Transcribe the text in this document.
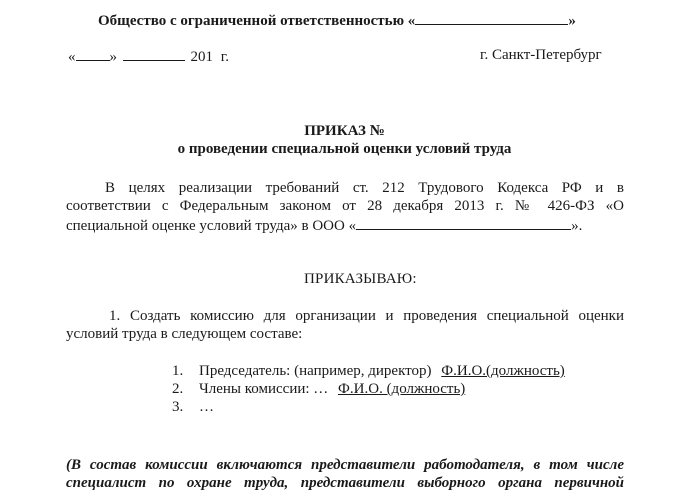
Общество с ограниченной ответственностью «	»
« »	201 г.	г. Санкт-Петербург
ПРИКАЗ №
о проведении специальной оценки условий труда
В целях реализации требований ст. 212 Трудового Кодекса РФ и в
соответствии с Федеральным законом от 28 декабря 2013 г. № 426-ФЗ «О
специальной оценке условий труда» в ООО «	».
ПРИКАЗЫВАЮ:
1. Создать комиссию для организации и проведения специальной оценки
условий труда в следующем составе:
1. Председатель: (например, директор) Ф.И.О.(должность)
2. Члены комиссии: … Ф.И.О. (должность)
3. …
(В состав комиссии включаются представители работодателя, в том числе
специалист по охране труда, представители выборного органа первичной
